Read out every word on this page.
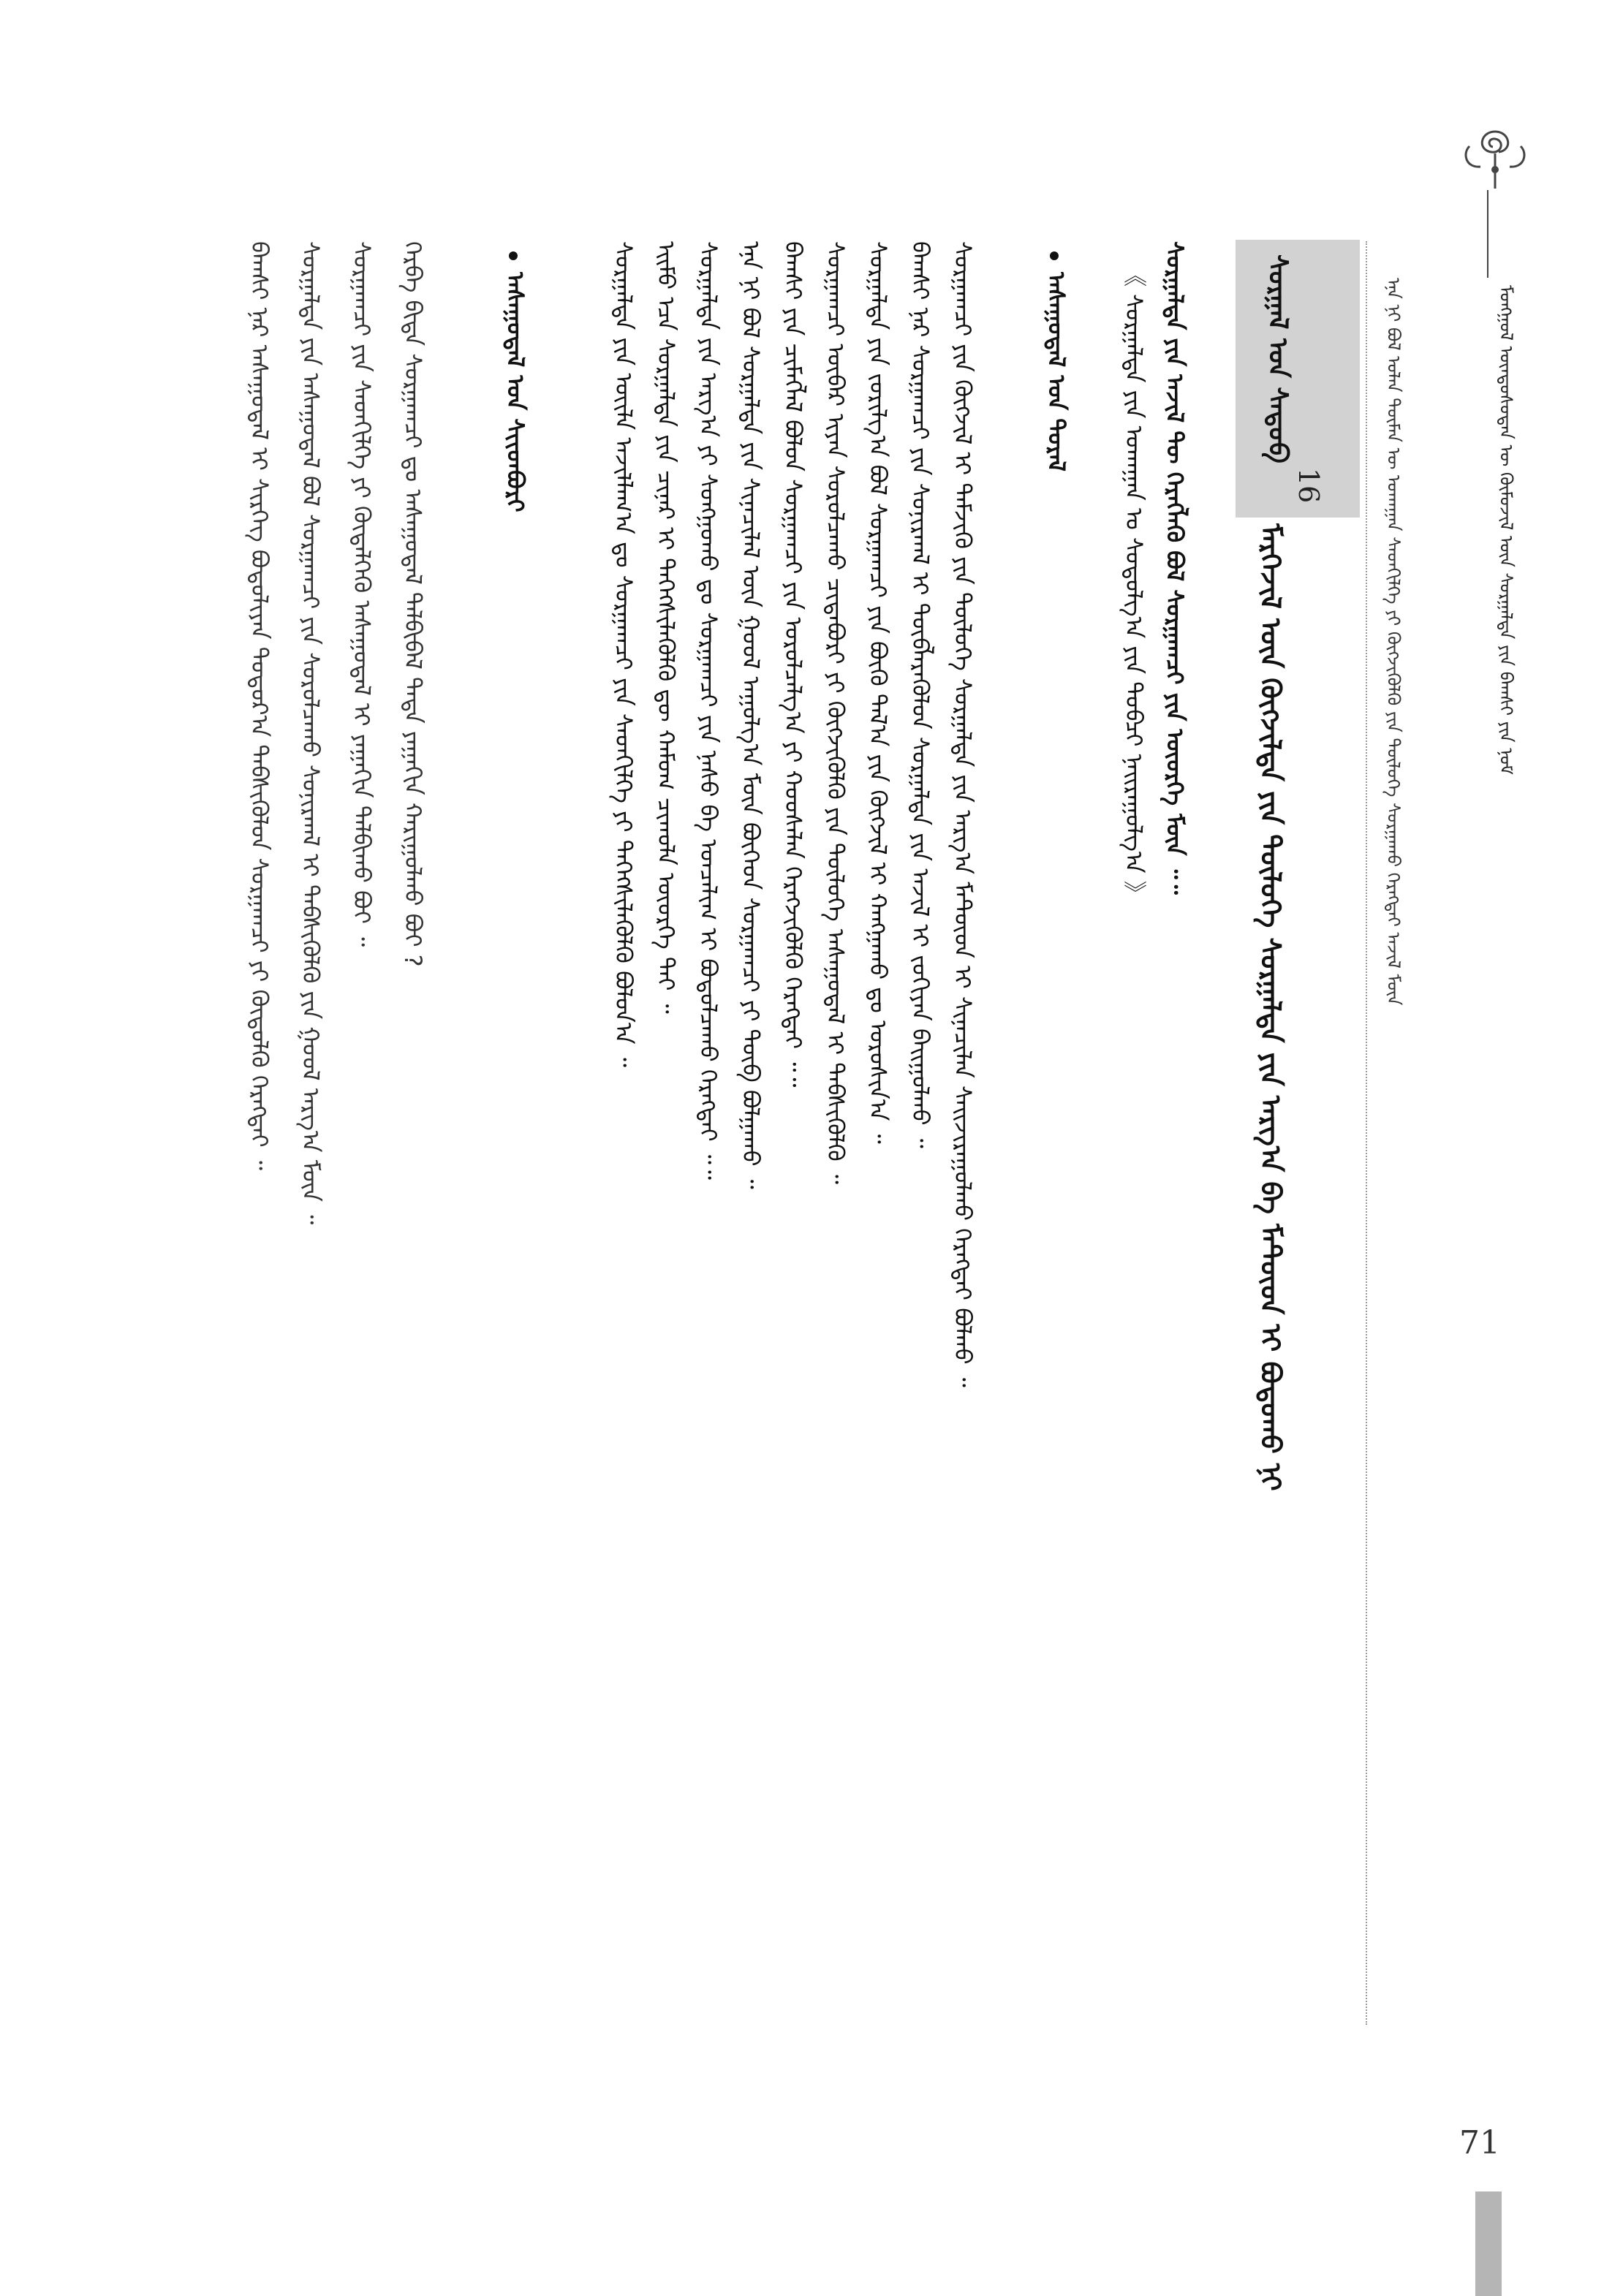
ᠮᠣᠩᠭᠣᠯ ᠦᠨᠳᠦᠰᠦᠲᠡᠨ ᠦ ᠬᠦᠮᠦᠵᠢᠯ ᠦᠨ ᠰᠤᠷᠭᠠᠯᠲᠠ ᠶᠢᠨ ᠪᠠᠭᠰᠢ ᠶᠢᠨ ᠨᠣᠮ
ᠡᠨᠡ ᠨᠢ ᠪᠣᠯ ᠣᠯᠠᠨ ᠲᠦᠮᠡᠨ ᠦ ᠤᠬᠠᠭᠠᠨ ᠰᠡᠳᠬᠢᠯᠭᠡ ᠶᠢ ᠬᠥᠭᠵᠢᠭᠦᠯᠬᠦ ᠶᠢᠨ ᠲᠥᠯᠥᠭᠡ ᠰᠤᠷᠭᠠᠬᠤ ᠬᠡᠷᠡᠭᠲᠡᠢ ᠠᠵᠢᠯ ᠮᠥᠨ
ᠰᠤᠷᠭᠠᠯ ᠤᠨ ᠰᠡᠳᠦᠪ
16
ᠮᠡᠷᠭᠡᠵᠢᠯ ᠦᠨ ᠬᠥᠭᠵᠢᠯᠲᠡ ᠶᠢᠨ ᠲᠥᠯᠥᠭᠡ ᠰᠤᠷᠭᠠᠯᠲᠠ ᠶᠢᠨ ᠠᠷᠭ᠎ᠠ ᠪᠠ ᠮᠡᠲ᠋ᠦ᠋ᠳ ᠢ ᠪᠣᠳᠣᠬᠤ ᠨᠢ
ᠰᠤᠷᠭᠠᠯᠲᠠ ᠶᠢᠨ ᠠᠵᠢᠯ ᠲᠦ ᠬᠡᠷᠡᠭᠯᠡᠬᠦ ᠪᠣᠯ ᠰᠤᠷᠭᠠᠭᠴᠢ ᠶᠢᠨ ᠦᠦᠷᠭᠡ ᠮᠥᠨ ᠃᠃
《 ᠰᠤᠷᠭᠠᠯᠲᠠ ᠶᠢᠨ ᠤᠬᠠᠭᠠᠨ ᠤ ᠰᠤᠳᠤᠯᠭ᠎ᠠ ᠶᠢᠨ ᠲᠣᠪᠴᠢ ᠨᠠᠢᠷᠠᠭᠤᠯᠭ᠎ᠠ 》
ᠠᠰᠠᠭᠤᠳᠠᠯ ᠤᠨ ᠳᠤᠷᠠᠯ
ᠰᠤᠷᠭᠠᠭᠴᠢ ᠶᠢᠨ ᠬᠥᠭᠵᠢᠯ ᠢ ᠳᠡᠮᠵᠢᠬᠦ ᠶᠢᠨ ᠲᠥᠯᠥᠭᠡ ᠰᠤᠷᠭᠠᠯᠲᠠ ᠶᠢᠨ ᠠᠷᠭ᠎ᠠ ᠮᠡᠲ᠋ᠦ᠋ᠳ ᠢ ᠰᠢᠨᠡᠴᠢᠯᠡᠨ ᠰᠠᠢᠵᠢᠷᠠᠭᠤᠯᠬᠤ ᠬᠡᠷᠡᠭᠲᠡᠢ ᠪᠣᠯᠬᠤ ᠃
ᠪᠠᠭᠰᠢ ᠨᠠᠷ ᠰᠤᠷᠭᠠᠭᠴᠢ ᠶᠢᠨ ᠰᠣᠨᠢᠷᠬᠠᠯ ᠢ ᠲᠥᠪᠯᠡᠷᠡᠭᠦᠯᠦᠨ ᠰᠤᠷᠭᠠᠯᠲᠠ ᠶᠢᠨ ᠠᠵᠢᠯ ᠢ ᠵᠣᠬᠢᠶᠠᠨ ᠪᠠᠢᠭᠤᠯᠬᠤ ᠃
ᠰᠤᠷᠭᠠᠯᠲᠠ ᠶᠢᠨ ᠵᠣᠷᠢᠯᠭ᠎ᠠ ᠪᠣᠯ ᠰᠤᠷᠭᠠᠭᠴᠢ ᠶᠢᠨ ᠪᠦᠬᠦ ᠲᠠᠯ᠎ᠠ ᠶᠢᠨ ᠬᠥᠭᠵᠢᠯ ᠢ ᠬᠠᠩᠭᠠᠬᠤ ᠳᠤ ᠣᠷᠣᠰᠢᠨ᠎ᠠ ᠃
ᠰᠤᠷᠭᠠᠭᠴᠢ ᠥᠪᠡᠷ ᠢᠶᠡᠨ ᠰᠤᠷᠤᠯᠴᠠᠬᠤ ᠴᠢᠳᠠᠪᠤᠷᠢ ᠶᠢ ᠬᠥᠭᠵᠢᠭᠦᠯᠬᠦ ᠶᠢᠨ ᠲᠥᠯᠥᠭᠡ ᠠᠰᠠᠭᠤᠳᠠᠯ ᠢ ᠳᠡᠪᠰᠢᠭᠦᠯᠬᠦ ᠃
ᠪᠠᠭᠰᠢ ᠶᠢᠨ ᠴᠢᠮᠡᠭᠯᠡᠯ ᠪᠣᠯᠤᠨ ᠰᠤᠷᠭᠠᠭᠴᠢ ᠶᠢᠨ ᠣᠷᠣᠯᠴᠠᠯᠭ᠎ᠠ ᠶᠢ ᠬᠣᠣᠰᠠᠯᠠᠨ ᠬᠡᠷᠡᠭᠵᠢᠭᠦᠯᠬᠦ ᠬᠡᠷᠡᠭᠲᠡᠢ ᠃᠃
ᠡᠨᠡ ᠨᠢ ᠪᠣᠯ ᠰᠤᠷᠭᠠᠯᠲᠠ ᠶᠢᠨ ᠰᠢᠨᠡᠴᠢᠯᠡᠯ ᠦᠨ ᠭᠣᠣᠯ ᠠᠭᠤᠯᠭ᠎ᠠ ᠮᠥᠨ ᠪᠥᠭᠡᠳ ᠰᠤᠷᠭᠠᠭᠴᠢ ᠶᠢ ᠲᠥᠪ ᠪᠣᠯᠭᠠᠬᠤ ᠃
ᠰᠤᠷᠭᠠᠯᠲᠠ ᠶᠢᠨ ᠠᠷᠭ᠎ᠠ ᠶᠢ ᠰᠣᠩᠭᠣᠬᠤ ᠳᠤ ᠰᠤᠷᠭᠠᠭᠴᠢ ᠶᠢᠨ ᠨᠠᠰᠤ ᠪᠠ ᠣᠨᠴᠠᠯᠢᠭ ᠢ ᠪᠣᠳᠣᠯᠴᠠᠬᠤ ᠬᠡᠷᠡᠭᠲᠡᠢ ᠃᠃
ᠡᠢᠮᠦ ᠡᠴᠡ ᠰᠤᠷᠭᠠᠯᠲᠠ ᠶᠢᠨ ᠴᠢᠨᠠᠷ ᠢ ᠳᠡᠭᠡᠭᠰᠢᠯᠡᠭᠦᠯᠬᠦ ᠳᠦ ᠬᠠᠮᠤᠭ ᠴᠢᠬᠤᠯᠠ ᠦᠦᠷᠭᠡ ᠲᠠᠢ ᠃
ᠰᠤᠷᠭᠠᠯᠲᠠ ᠶᠢᠨ ᠦᠢᠯᠡ ᠠᠵᠢᠯᠯᠠᠭ᠎ᠠ ᠳᠤ ᠰᠤᠷᠭᠠᠭᠴᠢ ᠶᠢᠨ ᠰᠡᠳᠬᠢᠯᠭᠡ ᠶᠢ ᠳᠡᠭᠡᠭᠰᠢᠯᠡᠭᠦᠯᠬᠦ ᠪᠣᠯᠤᠨ᠎ᠠ ᠃
ᠠᠰᠠᠭᠤᠳᠠᠯ ᠤᠨ ᠰᠢᠢᠳᠪᠦᠷᠢ
ᠬᠡᠷᠪᠡ ᠪᠢᠳᠡ ᠰᠤᠷᠭᠠᠭᠴᠢ ᠳᠤ ᠠᠰᠠᠭᠤᠳᠠᠯ ᠲᠠᠯᠪᠢᠪᠠᠯ ᠲᠡᠳᠡ ᠶᠠᠭᠠᠬᠢᠨ ᠬᠠᠷᠢᠭᠤᠯᠬᠤ ᠪᠤᠢ ?
ᠰᠤᠷᠭᠠᠭᠴᠢ ᠶᠢᠨ ᠰᠡᠳᠬᠢᠯᠭᠡ ᠶᠢ ᠬᠥᠳᠡᠯᠭᠡᠬᠦ ᠠᠰᠠᠭᠤᠳᠠᠯ ᠢ ᠶᠠᠭᠠᠬᠢᠨ ᠲᠠᠯᠪᠢᠬᠤ ᠪᠤᠢ ᠃
ᠰᠤᠷᠭᠠᠯᠲᠠ ᠶᠢᠨ ᠠᠰᠠᠭᠤᠳᠠᠯ ᠪᠣᠯ ᠰᠤᠷᠭᠠᠭᠴᠢ ᠶᠢᠨ ᠰᠤᠷᠤᠯᠴᠠᠬᠤ ᠰᠣᠨᠢᠷᠬᠠᠯ ᠢ ᠳᠡᠪᠰᠢᠭᠦᠯᠬᠦ ᠶᠢᠨ ᠭᠣᠣᠯ ᠠᠷᠭ᠎ᠠ ᠮᠥᠨ ᠃
ᠪᠠᠭᠰᠢ ᠨᠠᠷ ᠠᠰᠠᠭᠤᠳᠠᠯ ᠢ ᠰᠢᠷᠬᠡᠭ ᠪᠣᠳᠣᠯᠢᠶᠠᠨ ᠳᠣᠲᠣᠷ᠎ᠠ ᠳᠡᠪᠰᠢᠭᠦᠯᠦᠨ ᠰᠤᠷᠭᠠᠭᠴᠢ ᠶᠢ ᠬᠥᠲᠥᠯᠬᠦ ᠬᠡᠷᠡᠭᠲᠡᠢ ᠃
71
